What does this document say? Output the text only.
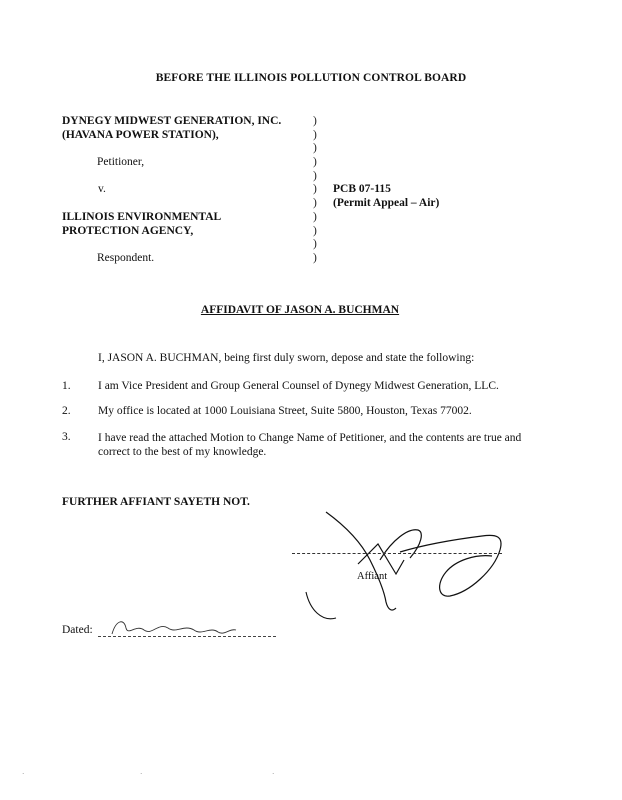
BEFORE THE ILLINOIS POLLUTION CONTROL BOARD
DYNEGY MIDWEST GENERATION, INC.
(HAVANA POWER STATION),
Petitioner,
v.
ILLINOIS ENVIRONMENTAL
PROTECTION AGENCY,
Respondent.
)
)
)
)
)
)
)
)
)
)
)
PCB 07-115
(Permit Appeal – Air)
AFFIDAVIT OF JASON A. BUCHMAN
I, JASON A. BUCHMAN, being first duly sworn, depose and state the following:
1. I am Vice President and Group General Counsel of Dynegy Midwest Generation, LLC.
2. My office is located at 1000 Louisiana Street, Suite 5800, Houston, Texas 77002.
3. I have read the attached Motion to Change Name of Petitioner, and the contents are true and correct to the best of my knowledge.
FURTHER AFFIANT SAYETH NOT.
Affiant
Dated:
·	·	·
